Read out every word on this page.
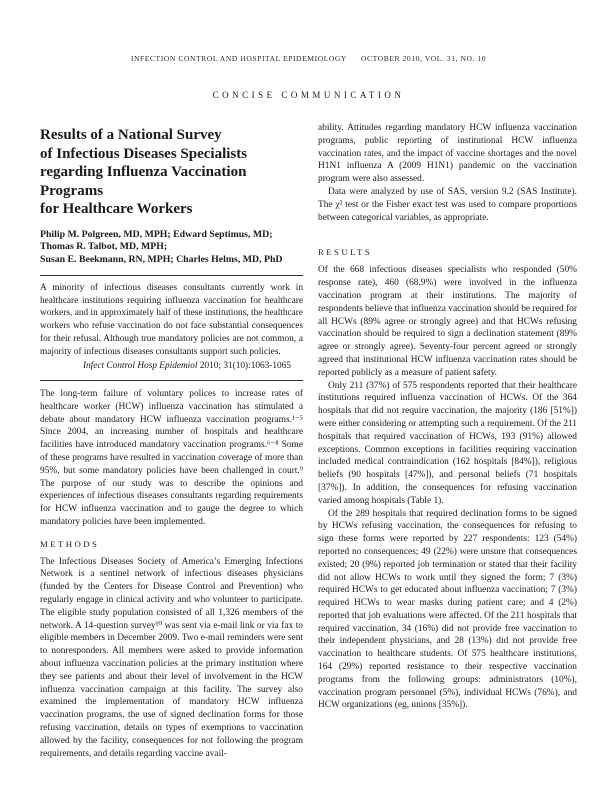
INFECTION CONTROL AND HOSPITAL EPIDEMIOLOGY OCTOBER 2010, VOL. 31, NO. 10
CONCISE COMMUNICATION
Results of a National Survey
of Infectious Diseases Specialists
regarding Influenza Vaccination Programs
for Healthcare Workers
Philip M. Polgreen, MD, MPH; Edward Septimus, MD;
Thomas R. Talbot, MD, MPH;
Susan E. Beekmann, RN, MPH; Charles Helms, MD, PhD

A minority of infectious diseases consultants currently work in healthcare institutions requiring influenza vaccination for healthcare workers, and in approximately half of these institutions, the healthcare workers who refuse vaccination do not face substantial consequences for their refusal. Although true mandatory policies are not common, a majority of infectious diseases consultants support such policies.

Infect Control Hosp Epidemiol 2010; 31(10):1063-1065

The long-term failure of voluntary polices to increase rates of healthcare worker (HCW) influenza vaccination has stimulated a debate about mandatory HCW influenza vaccination programs.¹⁻⁵ Since 2004, an increasing number of hospitals and healthcare facilities have introduced mandatory vaccination programs.⁶⁻⁸ Some of these programs have resulted in vaccination coverage of more than 95%, but some mandatory policies have been challenged in court.⁹ The purpose of our study was to describe the opinions and experiences of infectious diseases consultants regarding requirements for HCW influenza vaccination and to gauge the degree to which mandatory policies have been implemented.

METHODS

The Infectious Diseases Society of America’s Emerging Infections Network is a sentinel network of infectious diseases physicians (funded by the Centers for Disease Control and Prevention) who regularly engage in clinical activity and who volunteer to participate. The eligible study population consisted of all 1,326 members of the network. A 14-question survey¹⁰ was sent via e-mail link or via fax to eligible members in December 2009. Two e-mail reminders were sent to nonresponders. All members were asked to provide information about influenza vaccination policies at the primary institution where they see patients and about their level of involvement in the HCW influenza vaccination campaign at this facility. The survey also examined the implementation of mandatory HCW influenza vaccination programs, the use of signed declination forms for those refusing vaccination, details on types of exemptions to vaccination allowed by the facility, consequences for not following the program requirements, and details regarding vaccine avail-

ability. Attitudes regarding mandatory HCW influenza vaccination programs, public reporting of institutional HCW influenza vaccination rates, and the impact of vaccine shortages and the novel H1N1 influenza A (2009 H1N1) pandemic on the vaccination program were also assessed.

Data were analyzed by use of SAS, version 9.2 (SAS Institute). The χ² test or the Fisher exact test was used to compare proportions between categorical variables, as appropriate.

RESULTS

Of the 668 infectious diseases specialists who responded (50% response rate), 460 (68.9%) were involved in the influenza vaccination program at their institutions. The majority of respondents believe that influenza vaccination should be required for all HCWs (89% agree or strongly agree) and that HCWs refusing vaccination should be required to sign a declination statement (89% agree or strongly agree). Seventy-four percent agreed or strongly agreed that institutional HCW influenza vaccination rates should be reported publicly as a measure of patient safety.

Only 211 (37%) of 575 respondents reported that their healthcare institutions required influenza vaccination of HCWs. Of the 364 hospitals that did not require vaccination, the majority (186 [51%]) were either considering or attempting such a requirement. Of the 211 hospitals that required vaccination of HCWs, 193 (91%) allowed exceptions. Common exceptions in facilities requiring vaccination included medical contraindication (162 hospitals [84%]), religious beliefs (90 hospitals [47%]), and personal beliefs (71 hospitals [37%]). In addition, the consequences for refusing vaccination varied among hospitals (Table 1).

Of the 289 hospitals that required declination forms to be signed by HCWs refusing vaccination, the consequences for refusing to sign these forms were reported by 227 respondents: 123 (54%) reported no consequences; 49 (22%) were unsure that consequences existed; 20 (9%) reported job termination or stated that their facility did not allow HCWs to work until they signed the form; 7 (3%) required HCWs to get educated about influenza vaccination; 7 (3%) required HCWs to wear masks during patient care; and 4 (2%) reported that job evaluations were affected. Of the 211 hospitals that required vaccination, 34 (16%) did not provide free vaccination to their independent physicians, and 28 (13%) did not provide free vaccination to healthcare students. Of 575 healthcare institutions, 164 (29%) reported resistance to their respective vaccination programs from the following groups: administrators (10%), vaccination program personnel (5%), individual HCWs (76%), and HCW organizations (eg, unions [35%]).
